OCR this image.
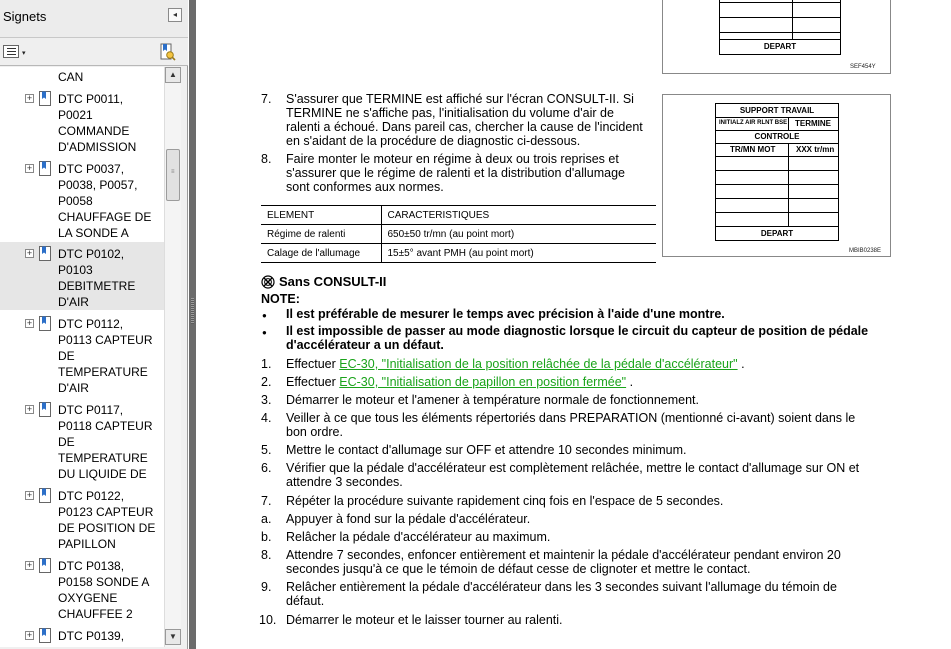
Signets	◂
▾
CAN
+ DTC P0011,
P0021
COMMANDE
D'ADMISSION
+ DTC P0037,
P0038, P0057,
P0058
CHAUFFAGE DE
LA SONDE A
+ DTC P0102,
P0103
DEBITMETRE
D'AIR
+ DTC P0112,
P0113 CAPTEUR
DE
TEMPERATURE
D'AIR
+ DTC P0117,
P0118 CAPTEUR
DE
TEMPERATURE
DU LIQUIDE DE
+ DTC P0122,
P0123 CAPTEUR
DE POSITION DE
PAPILLON
+ DTC P0138,
P0158 SONDE A
OXYGENE
CHAUFFEE 2
+ DTC P0139,
▲
≡
▼
DEPART
SEF454Y
SUPPORT TRAVAIL
INITIALZ AIR RLNT BSE TERMINE
CONTROLE
TR/MN MOT	XXX tr/mn
DEPART
MBIB0238E
7. S'assurer que TERMINE est affiché sur l'écran CONSULT-II. Si
TERMINE ne s'affiche pas, l'initialisation du volume d'air de
ralenti a échoué. Dans pareil cas, chercher la cause de l'incident
en s'aidant de la procédure de diagnostic ci-dessous.
8. Faire monter le moteur en régime à deux ou trois reprises et
s'assurer que le régime de ralenti et la distribution d'allumage
sont conformes aux normes.
ELEMENT	CARACTERISTIQUES
Régime de ralenti	650±50 tr/mn (au point mort)
Calage de l'allumage	15±5° avant PMH (au point mort)
Sans CONSULT-II
NOTE:
● Il est préférable de mesurer le temps avec précision à l'aide d'une montre.
● Il est impossible de passer au mode diagnostic lorsque le circuit du capteur de position de pédale
d'accélérateur a un défaut.
1. Effectuer EC-30, "Initialisation de la position relâchée de la pédale d'accélérateur" .
2. Effectuer EC-30, "Initialisation de papillon en position fermée" .
3. Démarrer le moteur et l'amener à température normale de fonctionnement.
4. Veiller à ce que tous les éléments répertoriés dans PREPARATION (mentionné ci-avant) soient dans le
bon ordre.
5. Mettre le contact d'allumage sur OFF et attendre 10 secondes minimum.
6. Vérifier que la pédale d'accélérateur est complètement relâchée, mettre le contact d'allumage sur ON et
attendre 3 secondes.
7. Répéter la procédure suivante rapidement cinq fois en l'espace de 5 secondes.
a. Appuyer à fond sur la pédale d'accélérateur.
b. Relâcher la pédale d'accélérateur au maximum.
8. Attendre 7 secondes, enfoncer entièrement et maintenir la pédale d'accélérateur pendant environ 20
secondes jusqu'à ce que le témoin de défaut cesse de clignoter et mettre le contact.
9. Relâcher entièrement la pédale d'accélérateur dans les 3 secondes suivant l'allumage du témoin de
défaut.
10. Démarrer le moteur et le laisser tourner au ralenti.
